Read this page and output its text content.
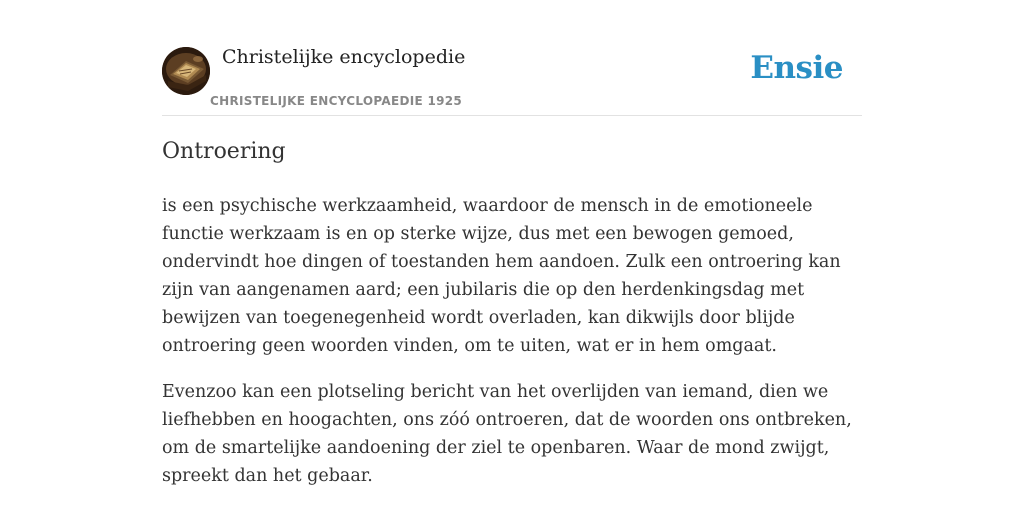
Christelijke encyclopedie
CHRISTELIJKE ENCYCLOPAEDIE 1925
Ensie
Ontroering

is een psychische werkzaamheid, waardoor de mensch in de emotioneele functie werkzaam is en op sterke wijze, dus met een bewogen gemoed, ondervindt hoe dingen of toestanden hem aandoen. Zulk een ontroering kan zijn van aangenamen aard; een jubilaris die op den herdenkingsdag met bewijzen van toegenegenheid wordt overladen, kan dikwijls door blijde ontroering geen woorden vinden, om te uiten, wat er in hem omgaat.

Evenzoo kan een plotseling bericht van het overlijden van iemand, dien we liefhebben en hoogachten, ons zóó ontroeren, dat de woorden ons ontbreken, om de smartelijke aandoening der ziel te openbaren. Waar de mond zwijgt, spreekt dan het gebaar.
